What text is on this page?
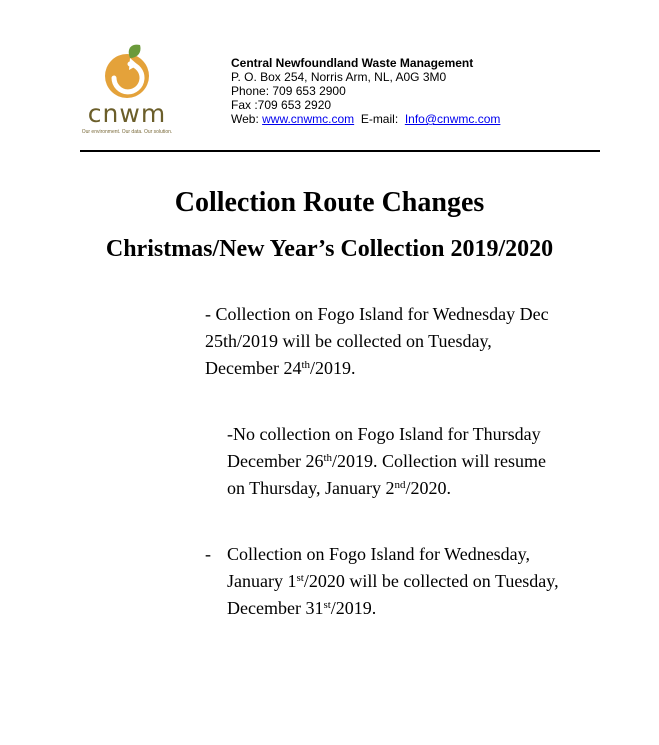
cnwm
Our environment. Our data. Our solution.
Central Newfoundland Waste Management
P. O. Box 254, Norris Arm, NL, A0G 3M0
Phone: 709 653 2900
Fax :709 653 2920
Web: www.cnwmc.com E-mail: Info@cnwmc.com
Collection Route Changes
Christmas/New Year’s Collection 2019/2020
- Collection on Fogo Island for Wednesday Dec
25th/2019 will be collected on Tuesday,
December 24th/2019.
-No collection on Fogo Island for Thursday
December 26th/2019. Collection will resume
on Thursday, January 2nd/2020.
- Collection on Fogo Island for Wednesday,
January 1st/2020 will be collected on Tuesday,
December 31st/2019.
